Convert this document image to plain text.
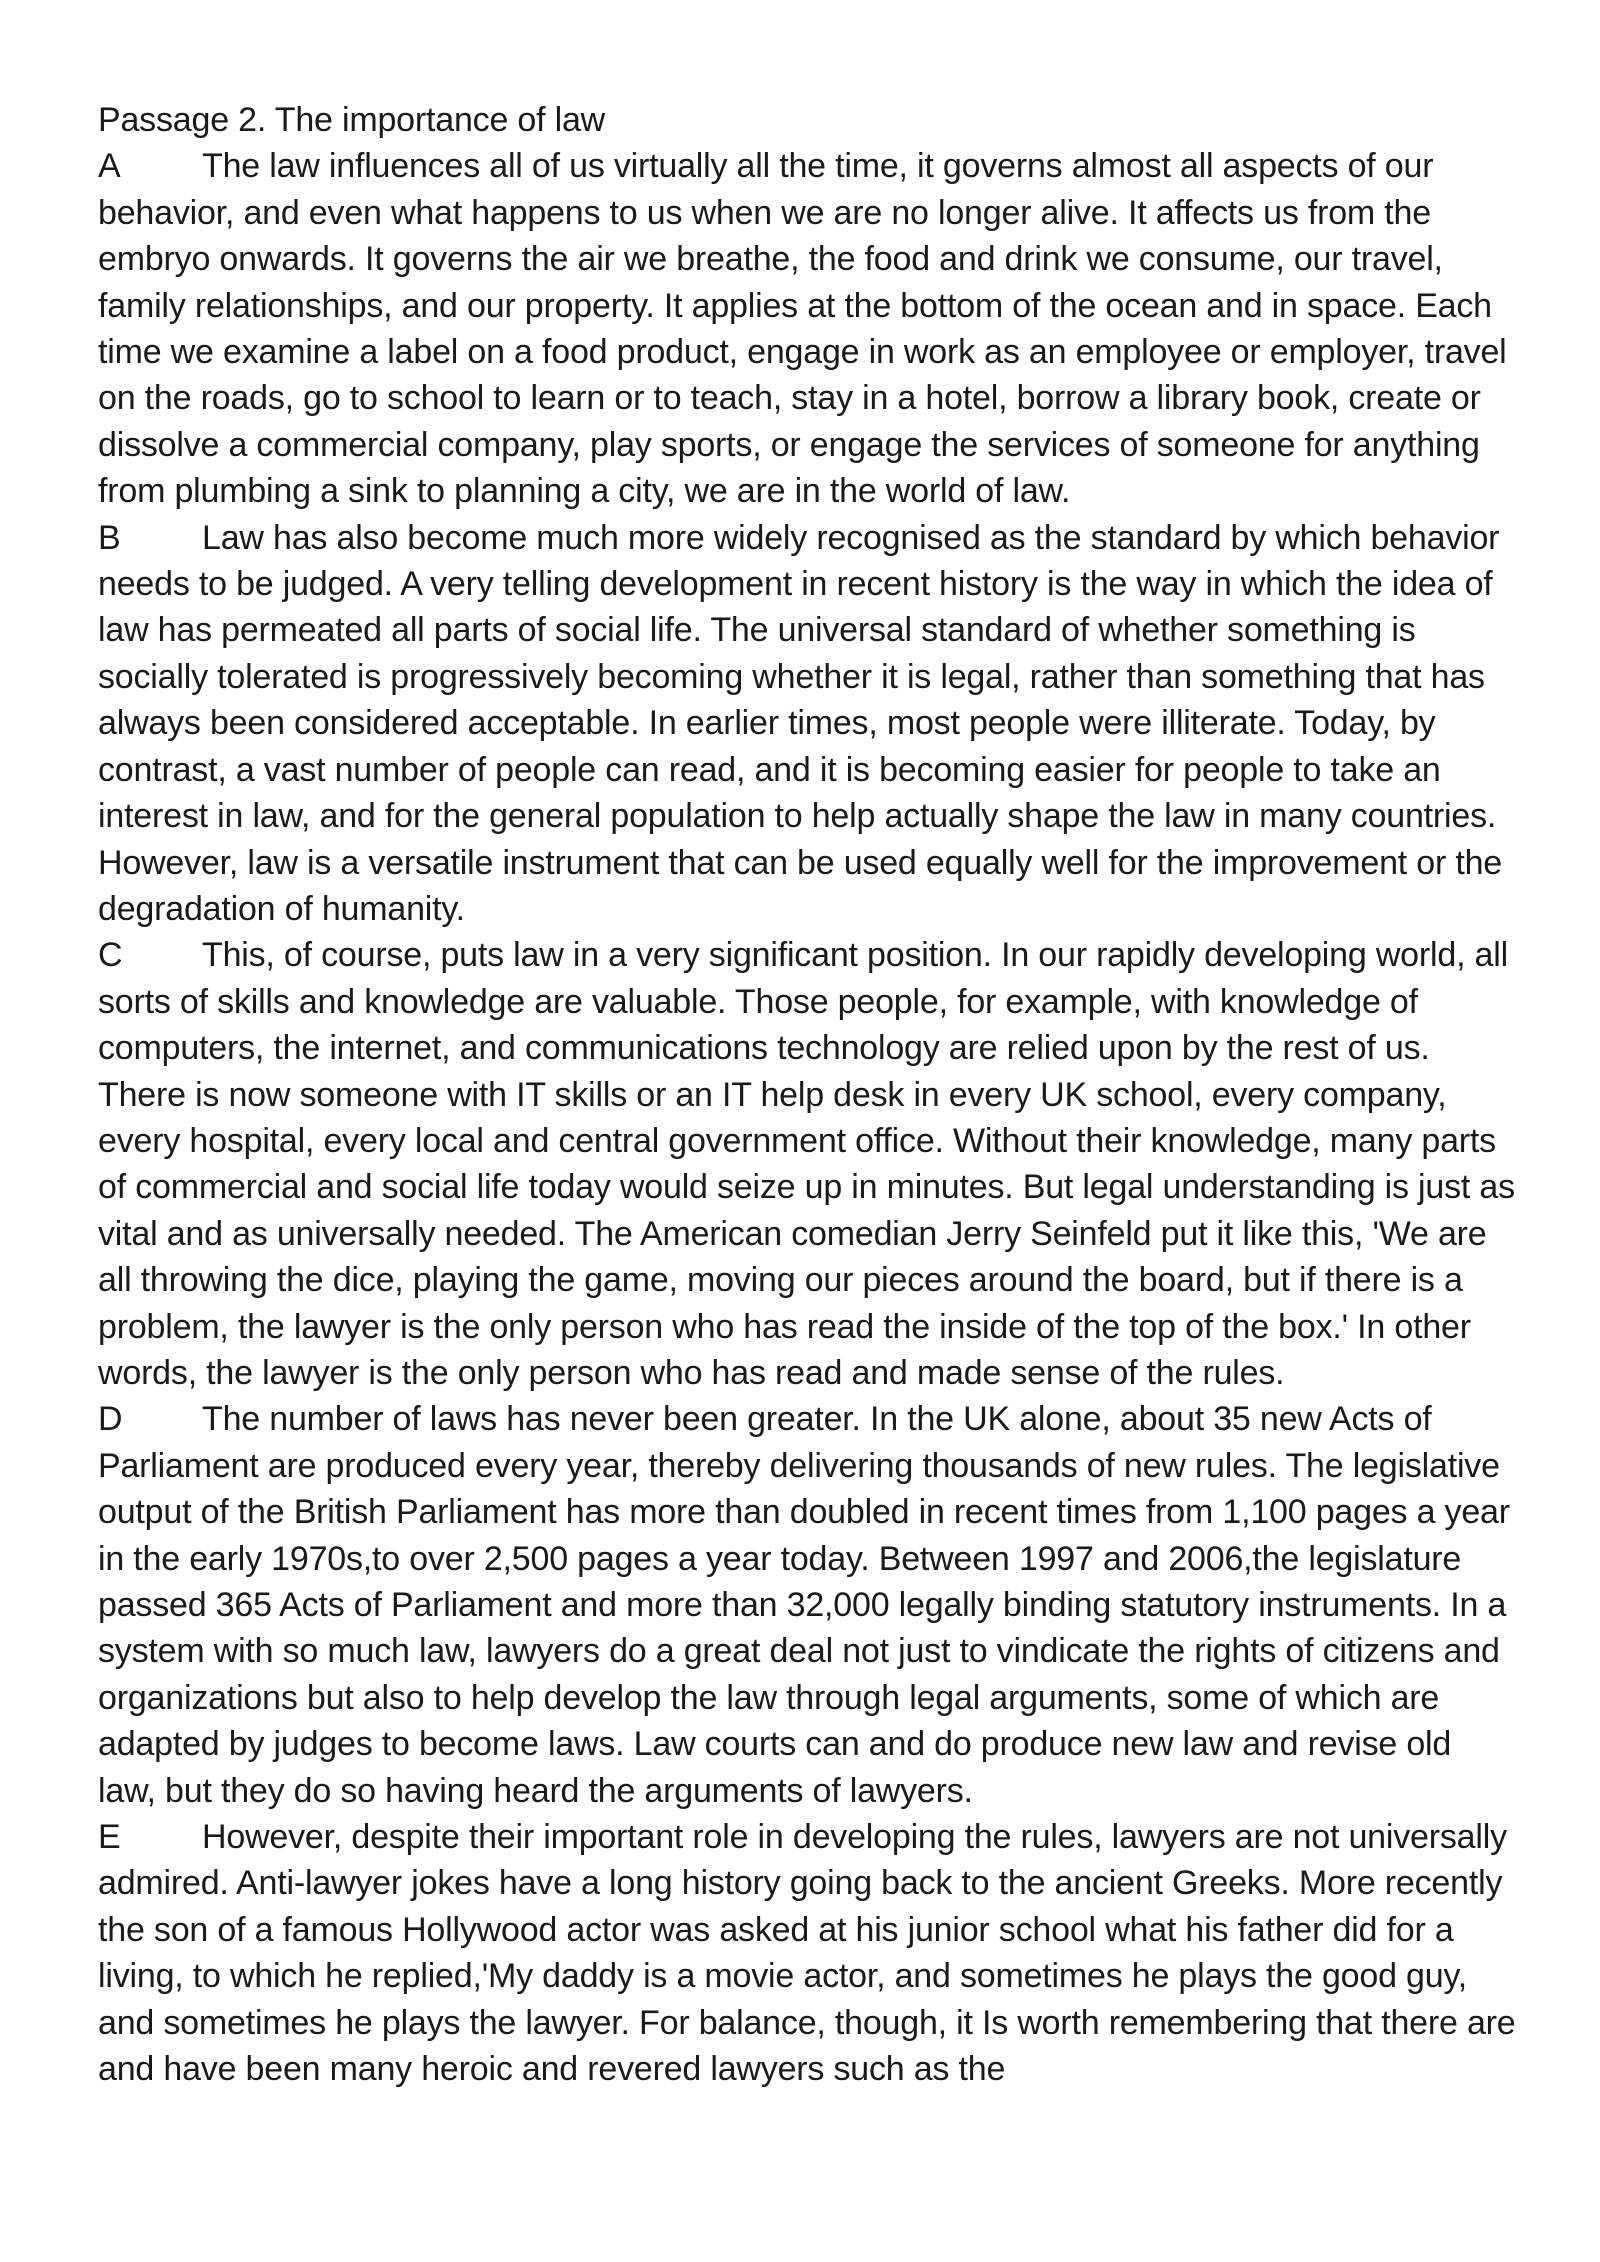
Passage 2. The importance of law

A The law influences all of us virtually all the time, it governs almost all aspects of our behavior, and even what happens to us when we are no longer alive. It affects us from the embryo onwards. It governs the air we breathe, the food and drink we consume, our travel, family relationships, and our property. It applies at the bottom of the ocean and in space. Each time we examine a label on a food product, engage in work as an employee or employer, travel on the roads, go to school to learn or to teach, stay in a hotel, borrow a library book, create or dissolve a commercial company, play sports, or engage the services of someone for anything from plumbing a sink to planning a city, we are in the world of law.

B Law has also become much more widely recognised as the standard by which behavior needs to be judged. A very telling development in recent history is the way in which the idea of law has permeated all parts of social life. The universal standard of whether something is socially tolerated is progressively becoming whether it is legal, rather than something that has always been considered acceptable. In earlier times, most people were illiterate. Today, by contrast, a vast number of people can read, and it is becoming easier for people to take an interest in law, and for the general population to help actually shape the law in many countries. However, law is a versatile instrument that can be used equally well for the improvement or the degradation of humanity.

C This, of course, puts law in a very significant position. In our rapidly developing world, all sorts of skills and knowledge are valuable. Those people, for example, with knowledge of computers, the internet, and communications technology are relied upon by the rest of us. There is now someone with IT skills or an IT help desk in every UK school, every company, every hospital, every local and central government office. Without their knowledge, many parts of commercial and social life today would seize up in minutes. But legal understanding is just as vital and as universally needed. The American comedian Jerry Seinfeld put it like this, 'We are all throwing the dice, playing the game, moving our pieces around the board, but if there is a problem, the lawyer is the only person who has read the inside of the top of the box.' In other words, the lawyer is the only person who has read and made sense of the rules.

D The number of laws has never been greater. In the UK alone, about 35 new Acts of Parliament are produced every year, thereby delivering thousands of new rules. The legislative output of the British Parliament has more than doubled in recent times from 1,100 pages a year in the early 1970s,to over 2,500 pages a year today. Between 1997 and 2006,the legislature passed 365 Acts of Parliament and more than 32,000 legally binding statutory instruments. In a system with so much law, lawyers do a great deal not just to vindicate the rights of citizens and organizations but also to help develop the law through legal arguments, some of which are adapted by judges to become laws. Law courts can and do produce new law and revise old law, but they do so having heard the arguments of lawyers.

E However, despite their important role in developing the rules, lawyers are not universally admired. Anti-lawyer jokes have a long history going back to the ancient Greeks. More recently the son of a famous Hollywood actor was asked at his junior school what his father did for a living, to which he replied,'My daddy is a movie actor, and sometimes he plays the good guy, and sometimes he plays the lawyer. For balance, though, it Is worth remembering that there are and have been many heroic and revered lawyers such as the
